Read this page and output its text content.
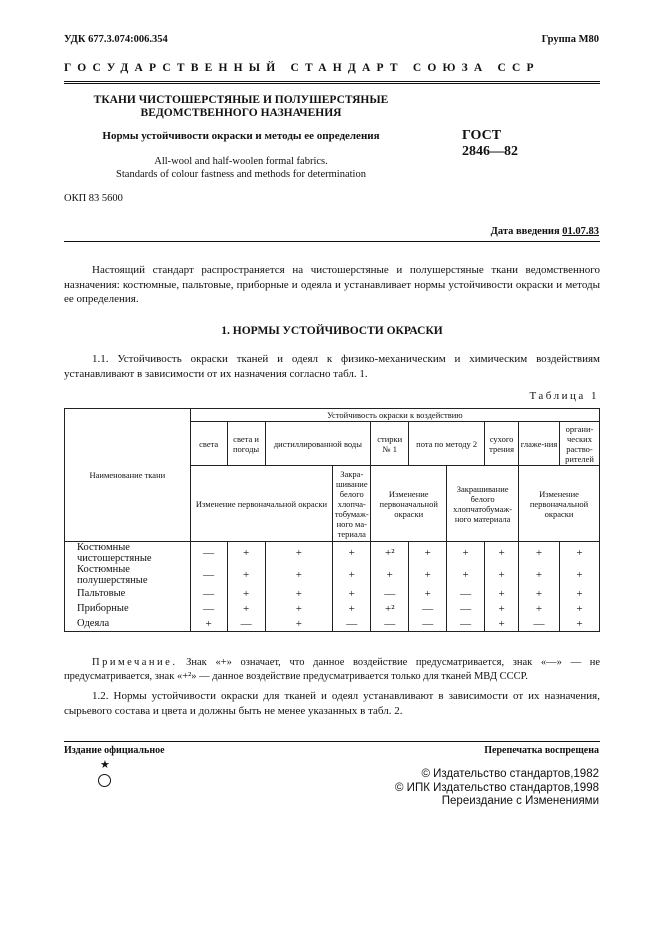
УДК 677.3.074:006.354	Группа М80
ГОСУДАРСТВЕННЫЙ СТАНДАРТ СОЮЗА ССР
ТКАНИ ЧИСТОШЕРСТЯНЫЕ И ПОЛУШЕРСТЯНЫЕ
ВЕДОМСТВЕННОГО НАЗНАЧЕНИЯ
Нормы устойчивости окраски и методы ее определения	ГОСТ
2846—82
All-wool and half-woolen formal fabrics.
Standards of colour fastness and methods for determination
ОКП 83 5600
Дата введения 01.07.83
Настоящий стандарт распространяется на чистошерстяные и полушерстяные ткани ведомственного назначения: костюмные, пальтовые, приборные и одеяла и устанавливает нормы устойчивости окраски и методы ее определения.
1. НОРМЫ УСТОЙЧИВОСТИ ОКРАСКИ
1.1. Устойчивость окраски тканей и одеял к физико-механическим и химическим воздействиям устанавливают в зависимости от их назначения согласно табл. 1.
Таблица 1
Наименование ткани	Устойчивость окраски к воздействию									
	света	света и погоды	дистиллированной воды		стирки № 1	пота по методу 2		сухого трения	глаже-ния	органи-ческих раство-рителей
	Изменение первоначальной окраски			Закра-шивание белого хлопча-тобумаж-ного ма-териала	Изменение первоначальной окраски		Закрашивание белого хлопчатобумаж-ного материала		Изменение первоначальной окраски	
Костюмные чистошерстяные	—	+	+	+	+²	+	+	+	+	+
Костюмные полушерстяные	—	+	+	+	+	+	+	+	+	+
Пальтовые	—	+	+	+	—	+	—	+	+	+
Приборные	—	+	+	+	+²	—	—	+	+	+
Одеяла	+	—	+	—	—	—	—	+	—	+
Примечание. Знак «+» означает, что данное воздействие предусматривается, знак «—» — не предусматривается, знак «+²» — данное воздействие предусматривается только для тканей МВД СССР.
1.2. Нормы устойчивости окраски для тканей и одеял устанавливают в зависимости от их назначения, сырьевого состава и цвета и должны быть не менее указанных в табл. 2.
Издание официальное	Перепечатка воспрещена
★
© Издательство стандартов,1982
© ИПК Издательство стандартов,1998
Переиздание с Изменениями
